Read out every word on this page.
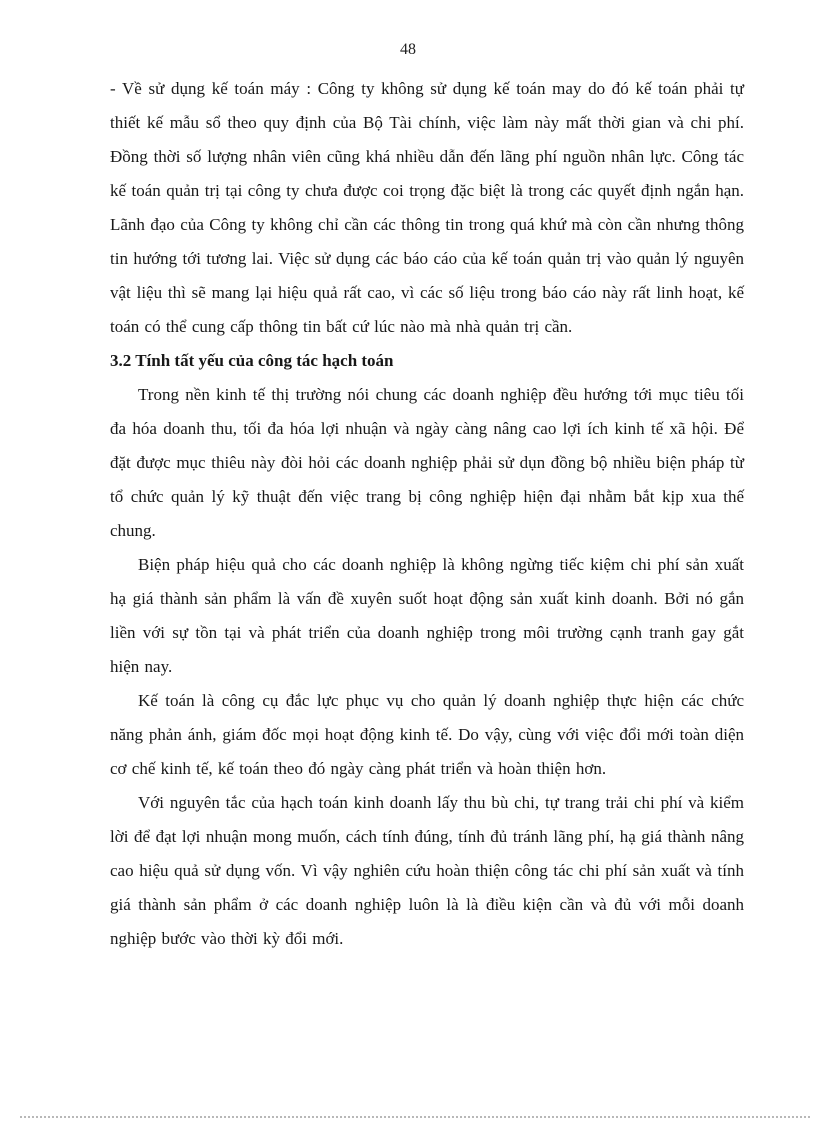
48

- Về sử dụng kế toán máy : Công ty không sử dụng kế toán may do đó kế toán phải tự thiết kế mẫu sổ theo quy định của Bộ Tài chính, việc làm này mất thời gian và chi phí. Đồng thời số lượng nhân viên cũng khá nhiều dẫn đến lãng phí nguồn nhân lực. Công tác kế toán quản trị tại công ty chưa được coi trọng đặc biệt là trong các quyết định ngắn hạn. Lãnh đạo của Công ty không chỉ cần các thông tin trong quá khứ mà còn cần nhưng thông tin hướng tới tương lai. Việc sử dụng các báo cáo của kế toán quản trị vào quản lý nguyên vật liệu thì sẽ mang lại hiệu quả rất cao, vì các số liệu trong báo cáo này rất linh hoạt, kế toán có thể cung cấp thông tin bất cứ lúc nào mà nhà quản trị cần.

3.2 Tính tất yếu của công tác hạch toán

Trong nền kinh tế thị trường nói chung các doanh nghiệp đều hướng tới mục tiêu tối đa hóa doanh thu, tối đa hóa lợi nhuận và ngày càng nâng cao lợi ích kinh tế xã hội. Để đặt được mục thiêu này đòi hỏi các doanh nghiệp phải sử dụn đồng bộ nhiều biện pháp từ tổ chức quản lý kỹ thuật đến việc trang bị công nghiệp hiện đại nhằm bắt kịp xua thế chung.

Biện pháp hiệu quả cho các doanh nghiệp là không ngừng tiếc kiệm chi phí sản xuất hạ giá thành sản phẩm là vấn đề xuyên suốt hoạt động sản xuất kinh doanh. Bởi nó gắn liền với sự tồn tại và phát triển của doanh nghiệp trong môi trường cạnh tranh gay gắt hiện nay.

Kế toán là công cụ đắc lực phục vụ cho quản lý doanh nghiệp thực hiện các chức năng phản ánh, giám đốc mọi hoạt động kinh tế. Do vậy, cùng với việc đổi mới toàn diện cơ chế kinh tế, kế toán theo đó ngày càng phát triển và hoàn thiện hơn.

Với nguyên tắc của hạch toán kinh doanh lấy thu bù chi, tự trang trải chi phí và kiểm lời để đạt lợi nhuận mong muốn, cách tính đúng, tính đủ tránh lãng phí, hạ giá thành nâng cao hiệu quả sử dụng vốn. Vì vậy nghiên cứu hoàn thiện công tác chi phí sản xuất và tính giá thành sản phẩm ở các doanh nghiệp luôn là là điều kiện cần và đủ với mỗi doanh nghiệp bước vào thời kỳ đổi mới.
